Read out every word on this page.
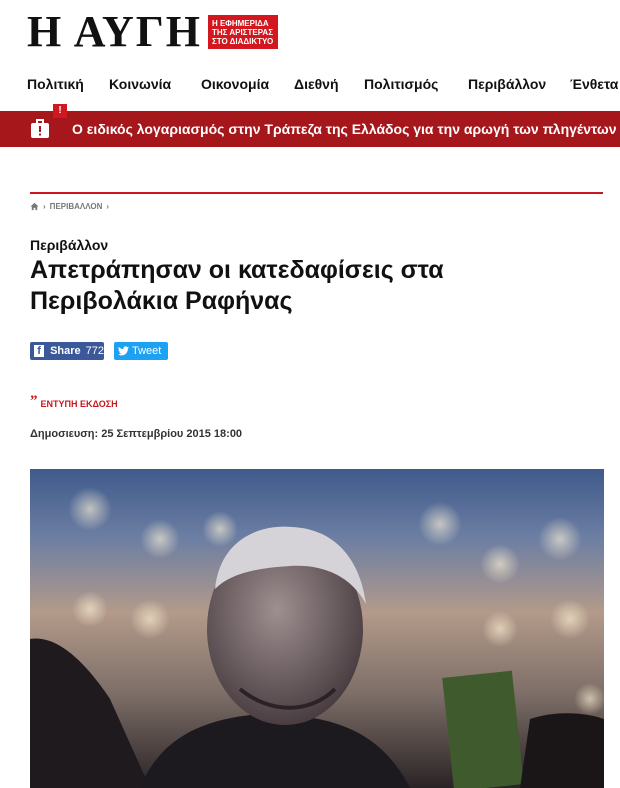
Η ΑΥΓΗ Η ΕΦΗΜΕΡΙΔΑ
ΤΗΣ ΑΡΙΣΤΕΡΑΣ
ΣΤΟ ΔΙΑΔΙΚΤΥΟ
Πολιτική Κοινωνία Οικονομία Διεθνή Πολιτισμός Περιβάλλον Ένθετα
!
Ο ειδικός λογαριασμός στην Τράπεζα της Ελλάδος για την αρωγή των πληγέντων
› ΠΕΡΙΒΑΛΛΟΝ ›
Περιβάλλον
Απετράπησαν οι κατεδαφίσεις στα Περιβολάκια Ραφήνας
f Share 772	Tweet
” ΕΝΤΥΠΗ ΕΚΔΟΣΗ
Δημοσιευση: 25 Σεπτεμβρίου 2015 18:00
